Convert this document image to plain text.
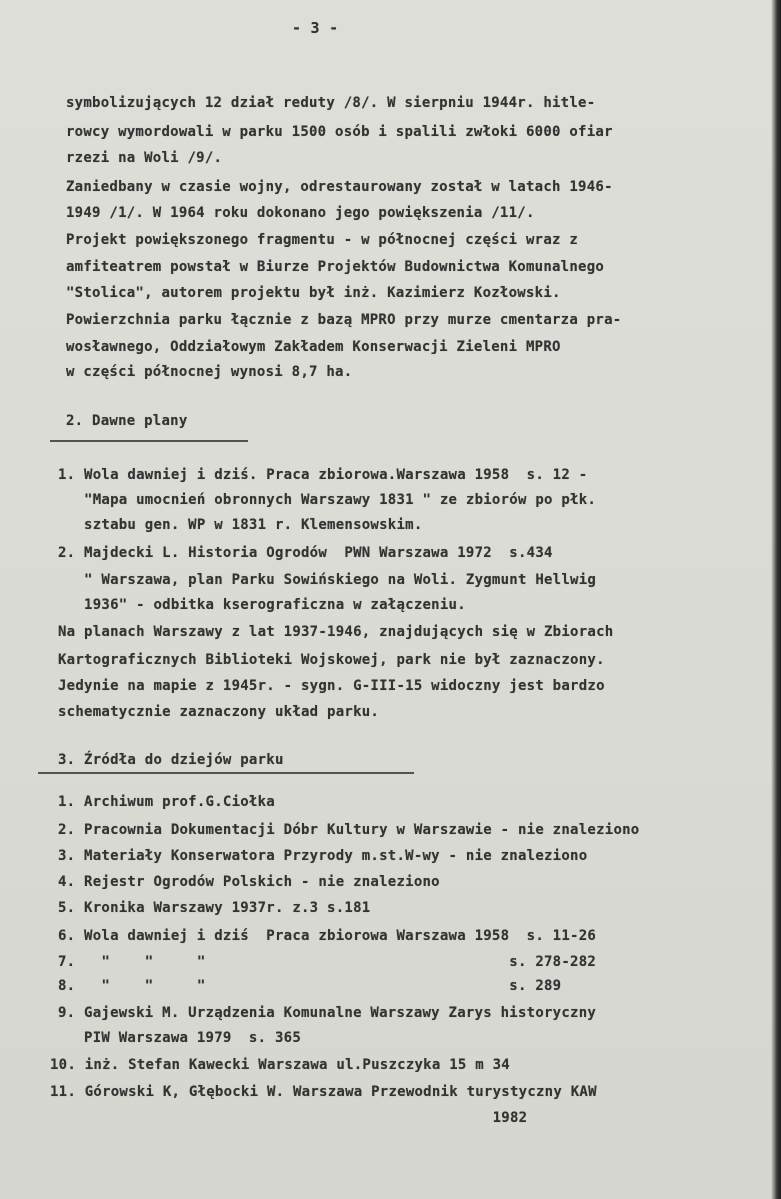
- 3 -

symbolizujących 12 dział reduty /8/. W sierpniu 1944r. hitle-

rowcy wymordowali w parku 1500 osób i spalili zwłoki 6000 ofiar

rzezi na Woli /9/.

Zaniedbany w czasie wojny, odrestaurowany został w latach 1946-

1949 /1/. W 1964 roku dokonano jego powiększenia /11/.

Projekt powiększonego fragmentu - w północnej części wraz z

amfiteatrem powstał w Biurze Projektów Budownictwa Komunalnego

"Stolica", autorem projektu był inż. Kazimierz Kozłowski.

Powierzchnia parku łącznie z bazą MPRO przy murze cmentarza pra-

wosławnego, Oddziałowym Zakładem Konserwacji Zieleni MPRO

w części północnej wynosi 8,7 ha.

2. Dawne plany

1. Wola dawniej i dziś. Praca zbiorowa.Warszawa 1958  s. 12 -

"Mapa umocnień obronnych Warszawy 1831 " ze zbiorów po płk.

sztabu gen. WP w 1831 r. Klemensowskim.

2. Majdecki L. Historia Ogrodów  PWN Warszawa 1972  s.434

" Warszawa, plan Parku Sowińskiego na Woli. Zygmunt Hellwig

1936" - odbitka kserograficzna w załączeniu.

Na planach Warszawy z lat 1937-1946, znajdujących się w Zbiorach

Kartograficznych Biblioteki Wojskowej, park nie był zaznaczony.

Jedynie na mapie z 1945r. - sygn. G-III-15 widoczny jest bardzo

schematycznie zaznaczony układ parku.

3. Źródła do dziejów parku

1. Archiwum prof.G.Ciołka

2. Pracownia Dokumentacji Dóbr Kultury w Warszawie - nie znaleziono

3. Materiały Konserwatora Przyrody m.st.W-wy - nie znaleziono

4. Rejestr Ogrodów Polskich - nie znaleziono

5. Kronika Warszawy 1937r. z.3 s.181

6. Wola dawniej i dziś  Praca zbiorowa Warszawa 1958  s. 11-26

7.   "    "     "                                   s. 278-282

8.   "    "     "                                   s. 289

9. Gajewski M. Urządzenia Komunalne Warszawy Zarys historyczny

PIW Warszawa 1979  s. 365

10. inż. Stefan Kawecki Warszawa ul.Puszczyka 15 m 34

11. Górowski K, Głębocki W. Warszawa Przewodnik turystyczny KAW

1982
